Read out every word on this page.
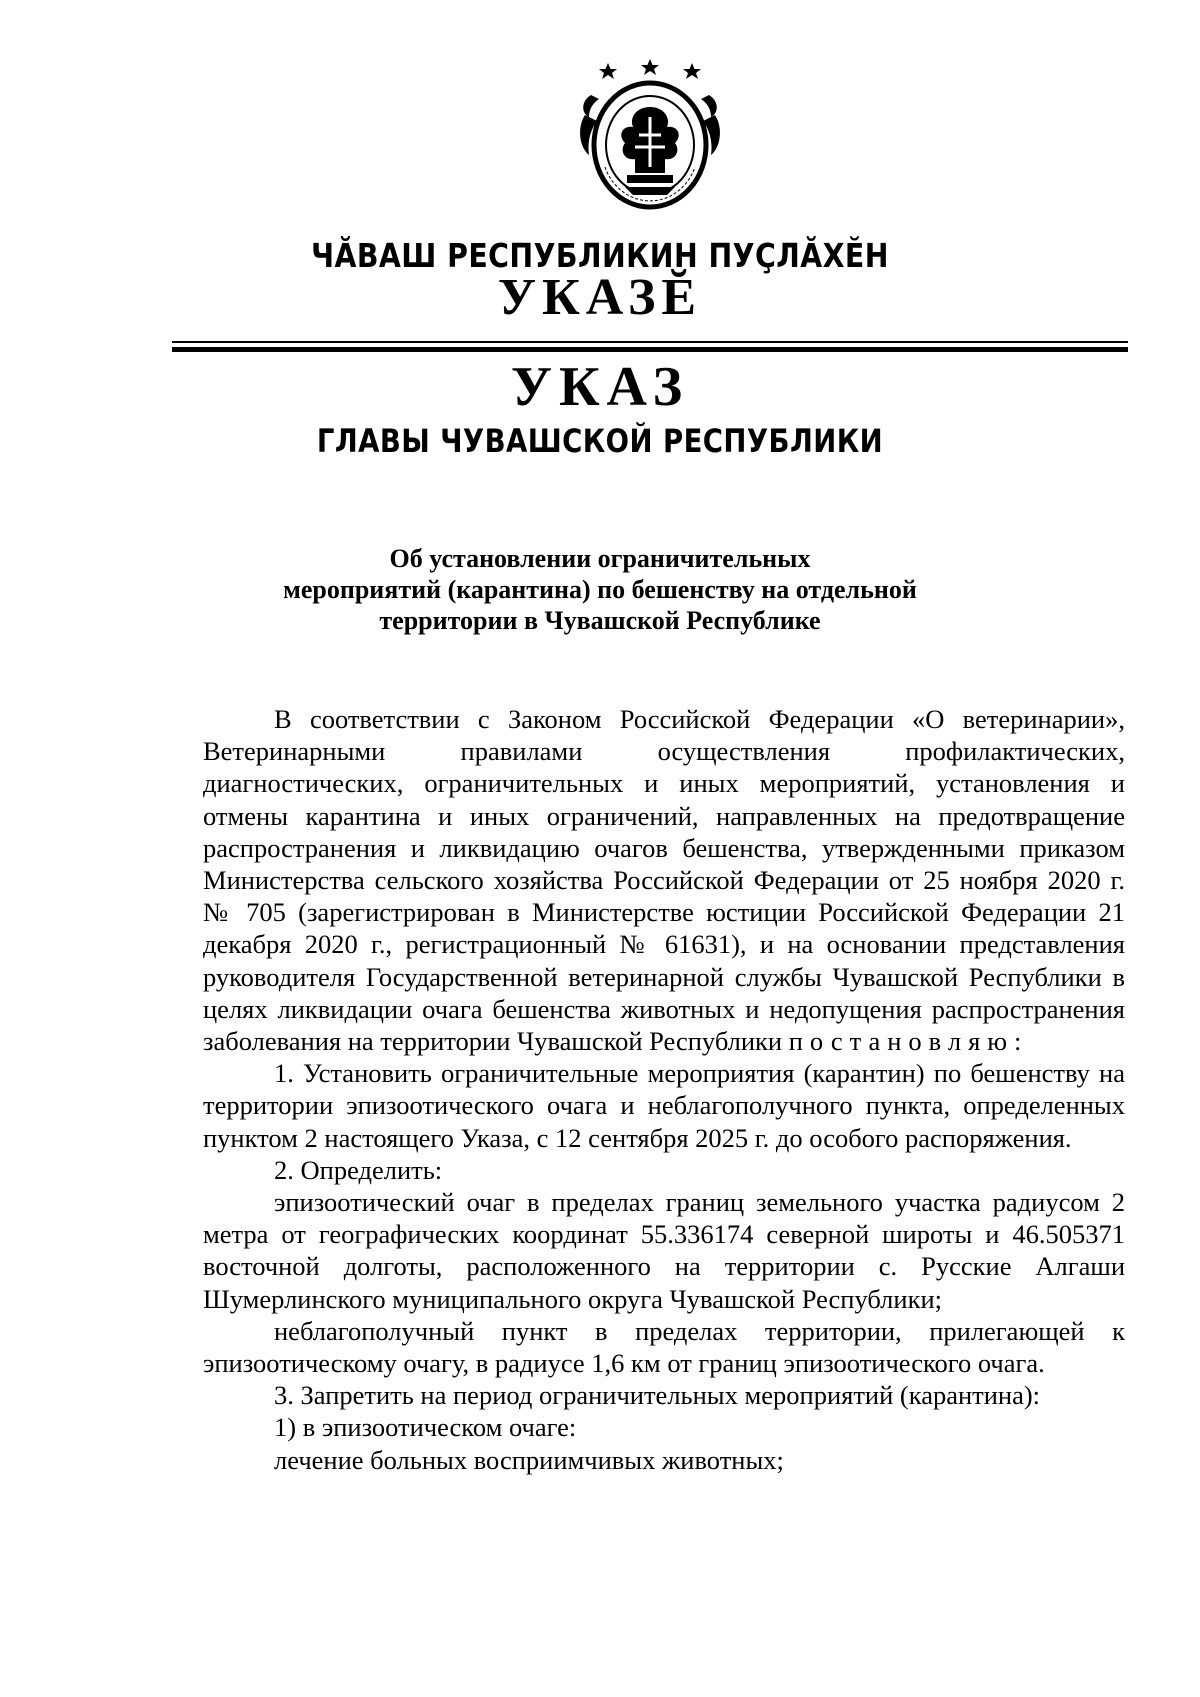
ЧӐВАШ РЕСПУБЛИКИН ПУҪЛӐХĔН
УКАЗĔ
УКАЗ
ГЛАВЫ ЧУВАШСКОЙ РЕСПУБЛИКИ
Об установлении ограничительных
мероприятий (карантина) по бешенству на отдельной
территории в Чувашской Республике

В соответствии с Законом Российской Федерации «О ветеринарии», Ветеринарными правилами осуществления профилактических, диагностических, ограничительных и иных мероприятий, установления и отмены карантина и иных ограничений, направленных на предотвращение распространения и ликвидацию очагов бешенства, утвержденными приказом Министерства сельского хозяйства Российской Федерации от 25 ноября 2020 г. № 705 (зарегистрирован в Министерстве юстиции Российской Федерации 21 декабря 2020 г., регистрационный № 61631), и на основании представления руководителя Государственной ветеринарной службы Чувашской Республики в целях ликвидации очага бешенства животных и недопущения распространения заболевания на территории Чувашской Республики постановляю:

1. Установить ограничительные мероприятия (карантин) по бешенству на территории эпизоотического очага и неблагополучного пункта, определенных пунктом 2 настоящего Указа, с 12 сентября 2025 г. до особого распоряжения.

2. Определить:

эпизоотический очаг в пределах границ земельного участка радиусом 2 метра от географических координат 55.336174 северной широты и 46.505371 восточной долготы, расположенного на территории с. Русские Алгаши Шумерлинского муниципального округа Чувашской Республики;

неблагополучный пункт в пределах территории, прилегающей к эпизоотическому очагу, в радиусе 1,6 км от границ эпизоотического очага.

3. Запретить на период ограничительных мероприятий (карантина):

1) в эпизоотическом очаге:

лечение больных восприимчивых животных;
